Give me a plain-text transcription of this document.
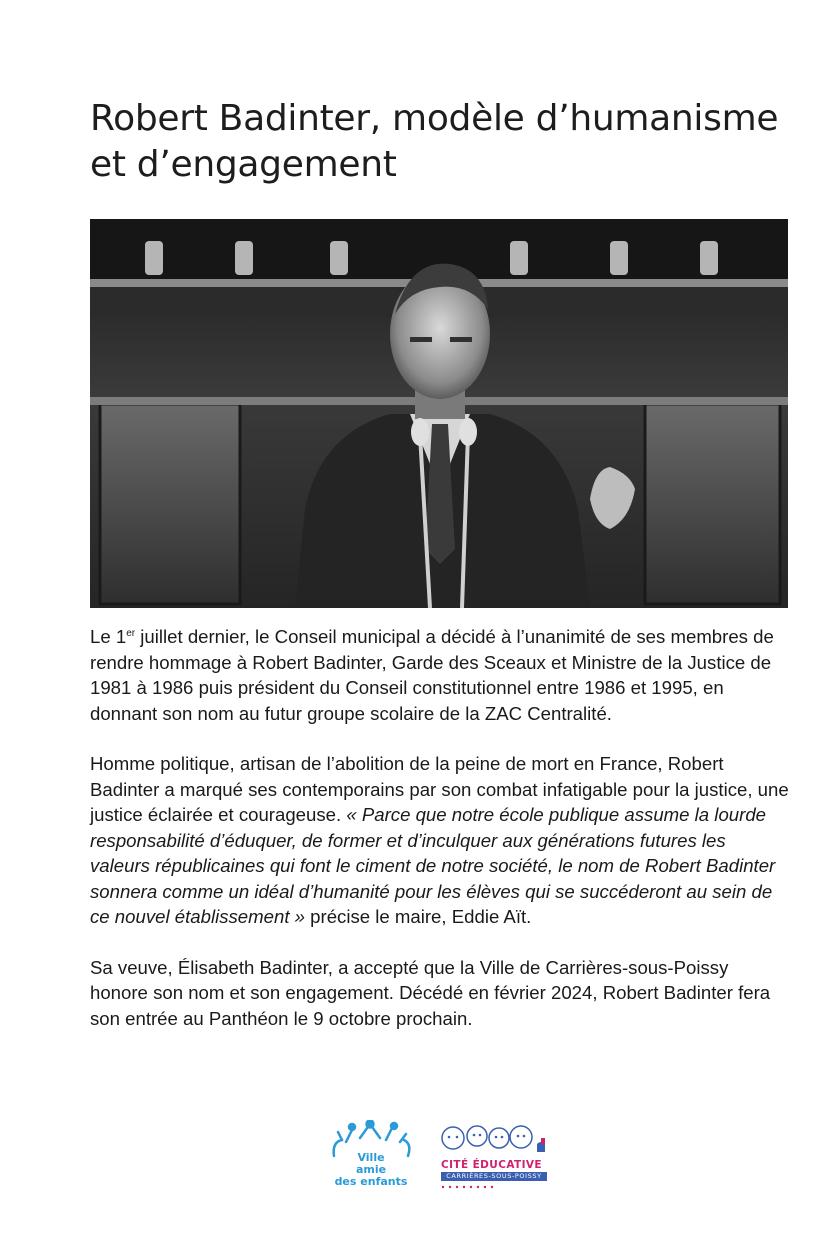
Robert Badinter, modèle d’humanisme et d’engagement

Le 1er juillet dernier, le Conseil municipal a décidé à l’unanimité de ses membres de rendre hommage à Robert Badinter, Garde des Sceaux et Ministre de la Justice de 1981 à 1986 puis président du Conseil constitutionnel entre 1986 et 1995, en donnant son nom au futur groupe scolaire de la ZAC Centralité.

Homme politique, artisan de l’abolition de la peine de mort en France, Robert Badinter a marqué ses contemporains par son combat infatigable pour la justice, une justice éclairée et courageuse. « Parce que notre école publique assume la lourde responsabilité d’éduquer, de former et d’inculquer aux générations futures les valeurs républicaines qui font le ciment de notre société, le nom de Robert Badinter sonnera comme un idéal d’humanité pour les élèves qui se succéderont au sein de ce nouvel établissement » précise le maire, Eddie Aït.

Sa veuve, Élisabeth Badinter, a accepté que la Ville de Carrières-sous-Poissy honore son nom et son engagement. Décédé en février 2024, Robert Badinter fera son entrée au Panthéon le 9 octobre prochain.

Ville
amie
des enfants
CITÉ ÉDUCATIVE
CARRIÈRES-SOUS-POISSY
